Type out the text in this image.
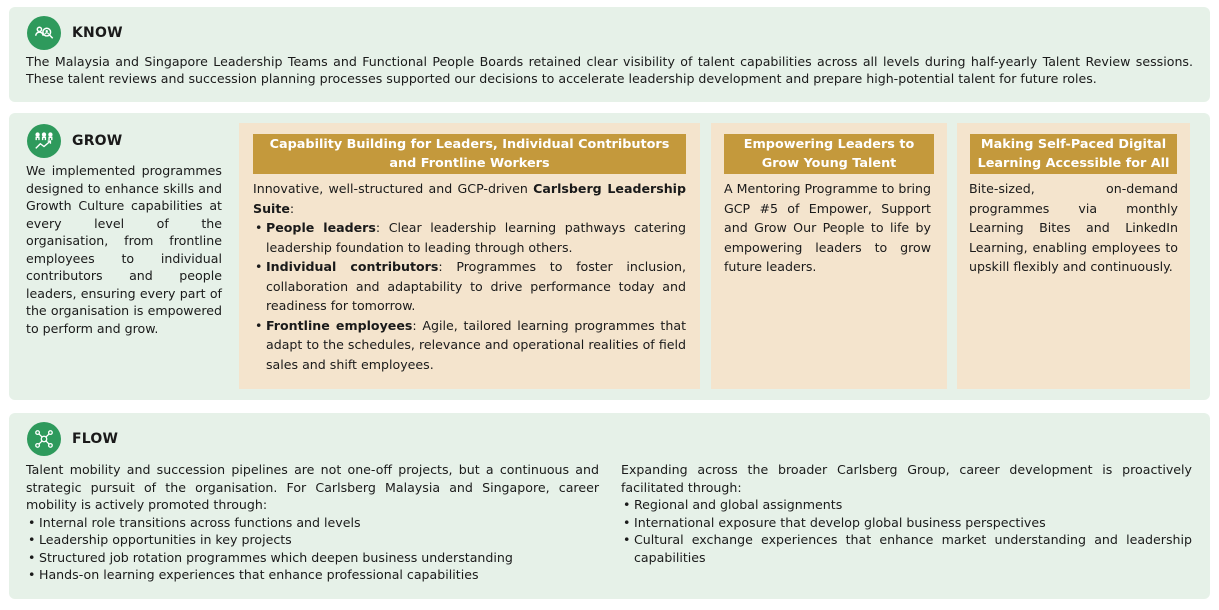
KNOW
The Malaysia and Singapore Leadership Teams and Functional People Boards retained clear visibility of talent capabilities across all levels during half-yearly Talent Review sessions. These talent reviews and succession planning processes supported our decisions to accelerate leadership development and prepare high-potential talent for future roles.
GROW
We implemented programmes designed to enhance skills and Growth Culture capabilities at every level of the organisation, from frontline employees to individual contributors and people leaders, ensuring every part of the organisation is empowered to perform and grow.
Capability Building for Leaders, Individual Contributors and Frontline Workers
Innovative, well-structured and GCP-driven Carlsberg Leadership Suite:
• People leaders: Clear leadership learning pathways catering leadership foundation to leading through others.
• Individual contributors: Programmes to foster inclusion, collaboration and adaptability to drive performance today and readiness for tomorrow.
• Frontline employees: Agile, tailored learning programmes that adapt to the schedules, relevance and operational realities of field sales and shift employees.
Empowering Leaders to Grow Young Talent
A Mentoring Programme to bring GCP #5 of Empower, Support and Grow Our People to life by empowering leaders to grow future leaders.
Making Self-Paced Digital Learning Accessible for All
Bite-sized, on-demand programmes via monthly Learning Bites and LinkedIn Learning, enabling employees to upskill flexibly and continuously.
FLOW
Talent mobility and succession pipelines are not one-off projects, but a continuous and strategic pursuit of the organisation. For Carlsberg Malaysia and Singapore, career mobility is actively promoted through:
• Internal role transitions across functions and levels
• Leadership opportunities in key projects
• Structured job rotation programmes which deepen business understanding
• Hands-on learning experiences that enhance professional capabilities
Expanding across the broader Carlsberg Group, career development is proactively facilitated through:
• Regional and global assignments
• International exposure that develop global business perspectives
• Cultural exchange experiences that enhance market understanding and leadership capabilities
